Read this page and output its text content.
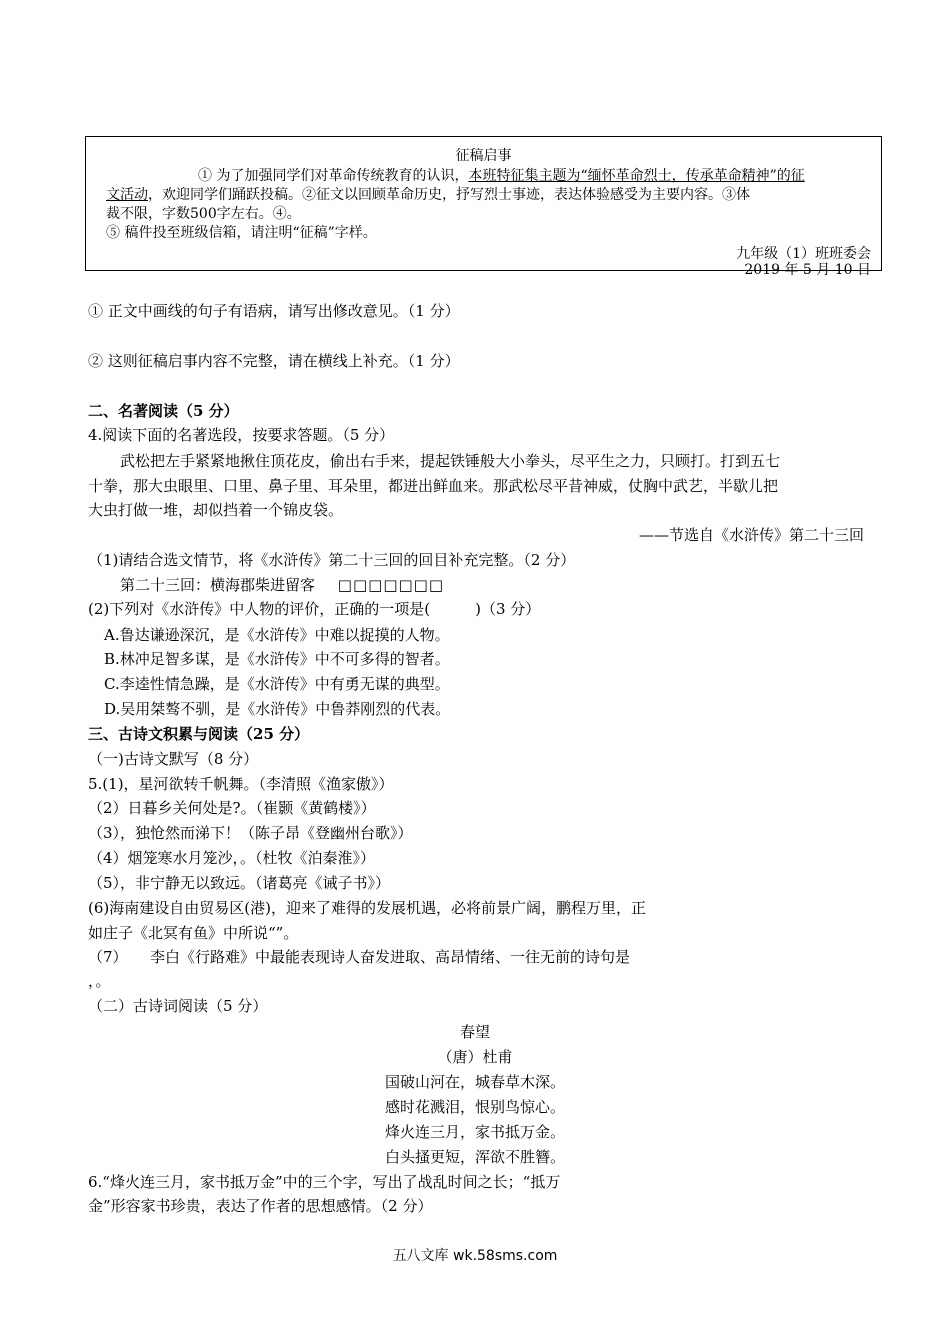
征稿启事
① 为了加强同学们对革命传统教育的认识，本班特征集主题为“缅怀革命烈士，传承革命精神”的征
文活动，欢迎同学们踊跃投稿。②征文以回顾革命历史，抒写烈士事迹，表达体验感受为主要内容。③体
裁不限，字数500字左右。④。
⑤ 稿件投至班级信箱，请注明“征稿”字样。
九年级（1）班班委会
2019 年 5 月 10 日
① 正文中画线的句子有语病，请写出修改意见。（1 分）
② 这则征稿启事内容不完整，请在横线上补充。（1 分）
二、名著阅读（5 分）
4.阅读下面的名著选段，按要求答题。（5 分）
武松把左手紧紧地揪住顶花皮，偷出右手来，提起铁锤般大小拳头，尽平生之力，只顾打。打到五七
十拳，那大虫眼里、口里、鼻子里、耳朵里，都迸出鲜血来。那武松尽平昔神威，仗胸中武艺，半歇儿把
大虫打做一堆，却似挡着一个锦皮袋。
——节选自《水浒传》第二十三回
（1)请结合选文情节，将《水浒传》第二十三回的回目补充完整。（2 分）
第二十三回：横海郡柴进留客 □□□□□□□
(2)下列对《水浒传》中人物的评价，正确的一项是(　　　)（3 分）
A.鲁达谦逊深沉，是《水浒传》中难以捉摸的人物。
B.林冲足智多谋，是《水浒传》中不可多得的智者。
C.李逵性情急躁，是《水浒传》中有勇无谋的典型。
D.吴用桀骜不驯，是《水浒传》中鲁莽刚烈的代表。
三、古诗文积累与阅读（25 分）
（一)古诗文默写（8 分）
5.(1)，星河欲转千帆舞。（李清照《渔家傲》）
（2）日暮乡关何处是?。（崔颢《黄鹤楼》）
（3），独怆然而涕下！（陈子昂《登幽州台歌》）
（4）烟笼寒水月笼沙，。（杜牧《泊秦淮》）
（5），非宁静无以致远。（诸葛亮《诫子书》）
(6)海南建设自由贸易区(港)，迎来了难得的发展机遇，必将前景广阔，鹏程万里，正
如庄子《北冥有鱼》中所说“”。
（7）　　李白《行路难》中最能表现诗人奋发进取、高昂情绪、一往无前的诗句是
，。
（二）古诗词阅读（5 分）
春望
（唐）杜甫
国破山河在，城春草木深。
感时花溅泪，恨别鸟惊心。
烽火连三月，家书抵万金。
白头搔更短，浑欲不胜簪。
6.“烽火连三月，家书抵万金”中的三个字，写出了战乱时间之长；“抵万
金”形容家书珍贵，表达了作者的思想感情。（2 分）
五八文库 wk.58sms.com
